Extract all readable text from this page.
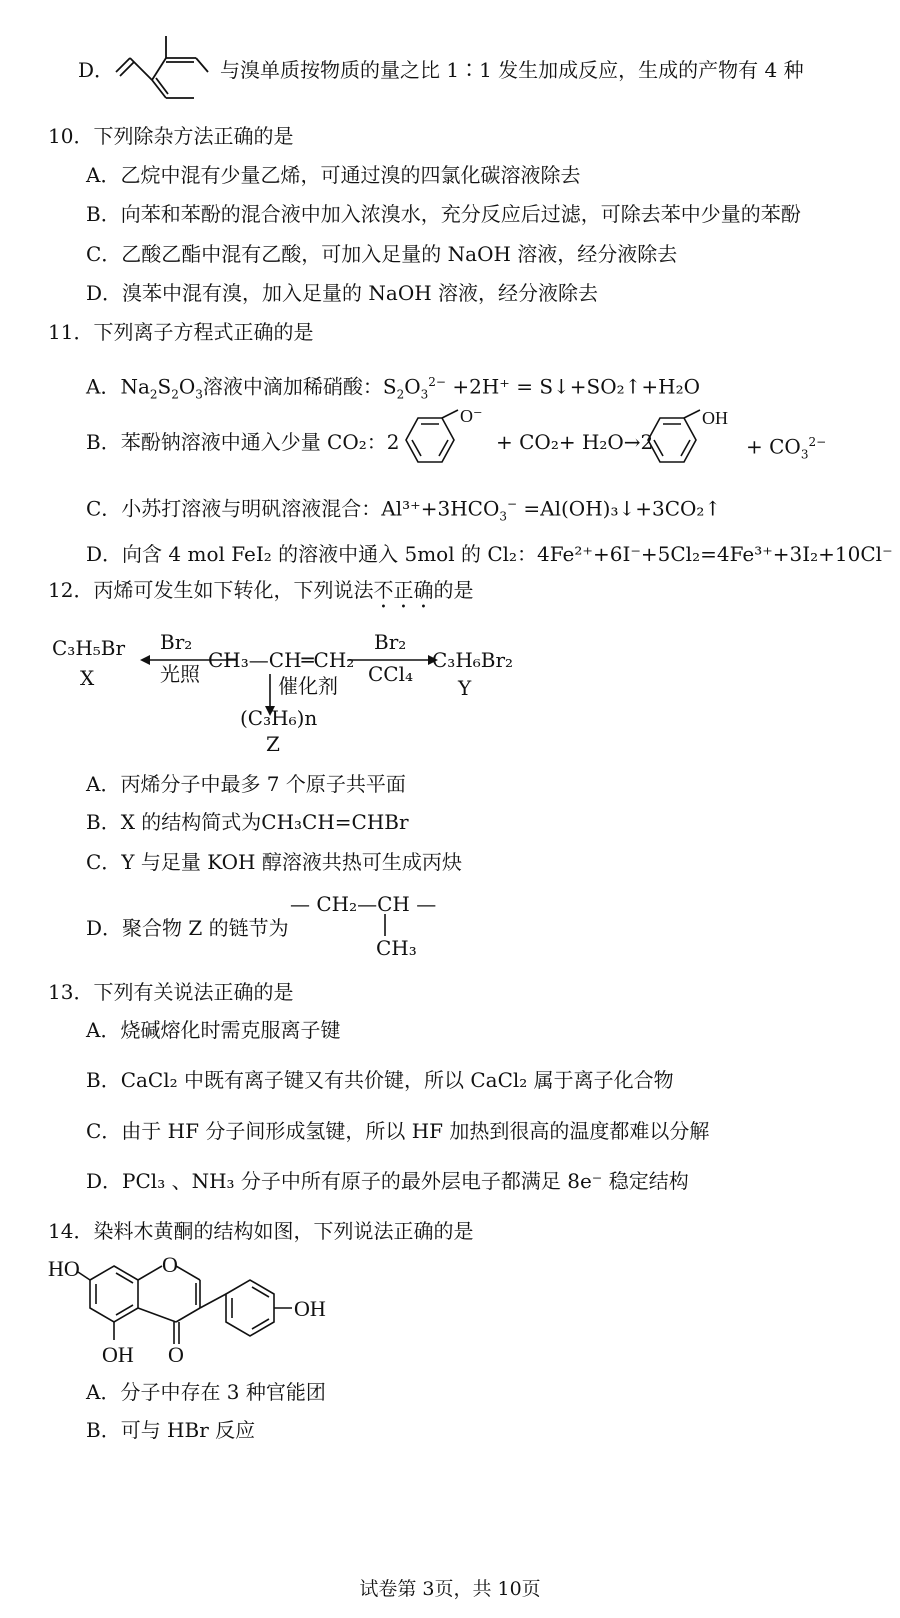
D．	与溴单质按物质的量之比 1∶1 发生加成反应，生成的产物有 4 种
10．下列除杂方法正确的是
A．乙烷中混有少量乙烯，可通过溴的四氯化碳溶液除去
B．向苯和苯酚的混合液中加入浓溴水，充分反应后过滤，可除去苯中少量的苯酚
C．乙酸乙酯中混有乙酸，可加入足量的 NaOH 溶液，经分液除去
D．溴苯中混有溴，加入足量的 NaOH 溶液，经分液除去
11．下列离子方程式正确的是
A．$Na_2S_2O_3$溶液中滴加稀硝酸：$S_2O_3^{2-} +2H^+$ = S↓+SO₂↑+H₂O
B．苯酚钠溶液中通入少量 CO₂：2
O⁻
+ CO₂+ H₂O→2
OH
+ $CO_3^{2-}$
C．小苏打溶液与明矾溶液混合：$Al^{3+}+3HCO_3^-$ =Al(OH)₃↓+3CO₂↑
D．向含 4 mol FeI₂ 的溶液中通入 5mol 的 Cl₂：4Fe²⁺+6I⁻+5Cl₂=4Fe³⁺+3I₂+10Cl⁻
12．丙烯可发生如下转化，下列说法不正确的是
C₃H₅Br
X
Br₂
光照
CH₃—CH═CH₂
Br₂
CCl₄
C₃H₆Br₂
Y
催化剂
(C₃H₆)n
Z
A．丙烯分子中最多 7 个原子共平面
B．X 的结构简式为CH₃CH=CHBr
C．Y 与足量 KOH 醇溶液共热可生成丙炔
D．聚合物 Z 的链节为
— CH₂—CH —
CH₃
13．下列有关说法正确的是
A．烧碱熔化时需克服离子键
B．CaCl₂ 中既有离子键又有共价键，所以 CaCl₂ 属于离子化合物
C．由于 HF 分子间形成氢键，所以 HF 加热到很高的温度都难以分解
D．PCl₃ 、NH₃ 分子中所有原子的最外层电子都满足 8e⁻ 稳定结构
14．染料木黄酮的结构如图，下列说法正确的是
HO	O
OH
OH O
A．分子中存在 3 种官能团
B．可与 HBr 反应
试卷第 3页，共 10页
